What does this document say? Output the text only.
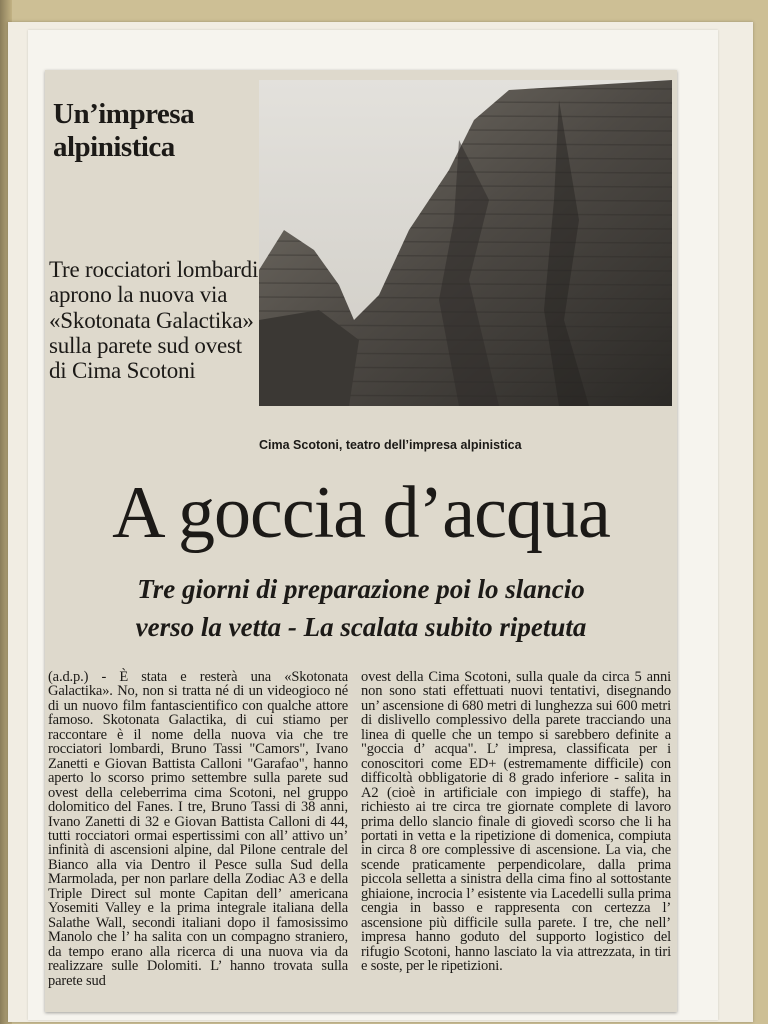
Un’impresa alpinistica
Tre rocciatori lombardi aprono la nuova via «Skotonata Galactika» sulla parete sud ovest di Cima Scotoni
Cima Scotoni, teatro dell’impresa alpinistica
A goccia d’acqua
Tre giorni di preparazione poi lo slancio
verso la vetta - La scalata subito ripetuta
(a.d.p.) - È stata e resterà una «Skotonata Galactika». No, non si tratta né di un videogioco né di un nuovo film fantascientifico con qualche attore famoso. Skotonata Galactika, di cui stiamo per raccontare è il nome della nuova via che tre rocciatori lombardi, Bruno Tassi "Camors", Ivano Zanetti e Giovan Battista Calloni "Garafao", hanno aperto lo scorso primo settembre sulla parete sud ovest della celeberrima cima Scotoni, nel gruppo dolomitico del Fanes. I tre, Bruno Tassi di 38 anni, Ivano Zanetti di 32 e Giovan Battista Calloni di 44, tutti rocciatori ormai espertissimi con all’ attivo un’ infinità di ascensioni alpine, dal Pilone centrale del Bianco alla via Dentro il Pesce sulla Sud della Marmolada, per non parlare della Zodiac A3 e della Triple Direct sul monte Capitan dell’ americana Yosemiti Valley e la prima integrale italiana della Salathe Wall, secondi italiani dopo il famosissimo Manolo che l’ ha salita con un compagno straniero, da tempo erano alla ricerca di una nuova via da realizzare sulle Dolomiti. L’ hanno trovata sulla parete sud
ovest della Cima Scotoni, sulla quale da circa 5 anni non sono stati effettuati nuovi tentativi, disegnando un’ ascensione di 680 metri di lunghezza sui 600 metri di dislivello complessivo della parete tracciando una linea di quelle che un tempo si sarebbero definite a "goccia d’ acqua". L’ impresa, classificata per i conoscitori come ED+ (estremamente difficile) con difficoltà obbligatorie di 8 grado inferiore - salita in A2 (cioè in artificiale con impiego di staffe), ha richiesto ai tre circa tre giornate complete di lavoro prima dello slancio finale di giovedì scorso che li ha portati in vetta e la ripetizione di domenica, compiuta in circa 8 ore complessive di ascensione. La via, che scende praticamente perpendicolare, dalla prima piccola selletta a sinistra della cima fino al sottostante ghiaione, incrocia l’ esistente via Lacedelli sulla prima cengia in basso e rappresenta con certezza l’ ascensione più difficile sulla parete. I tre, che nell’ impresa hanno goduto del supporto logistico del rifugio Scotoni, hanno lasciato la via attrezzata, in tiri e soste, per le ripetizioni.
